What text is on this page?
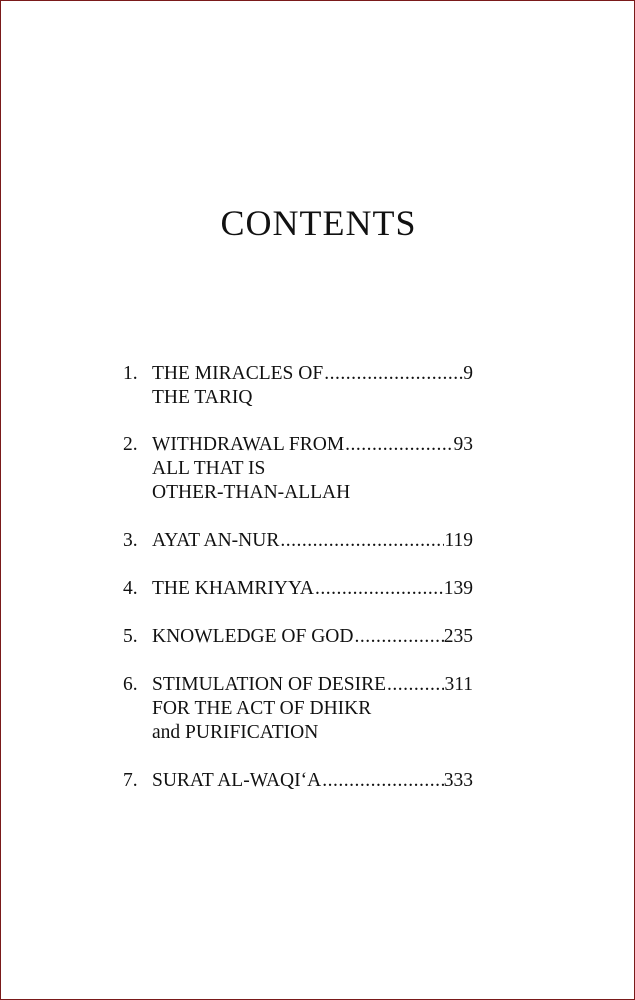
CONTENTS
1. THE MIRACLES OF .....	9
THE TARIQ
2. WITHDRAWAL FROM .....	93
ALL THAT IS
OTHER-THAN-ALLAH
3. AYAT AN-NUR .....	119
4. THE KHAMRIYYA .....	139
5. KNOWLEDGE OF GOD .....	235
6. STIMULATION OF DESIRE .....	311
FOR THE ACT OF DHIKR
and PURIFICATION
7. SURAT AL-WAQI‘A .....	333
